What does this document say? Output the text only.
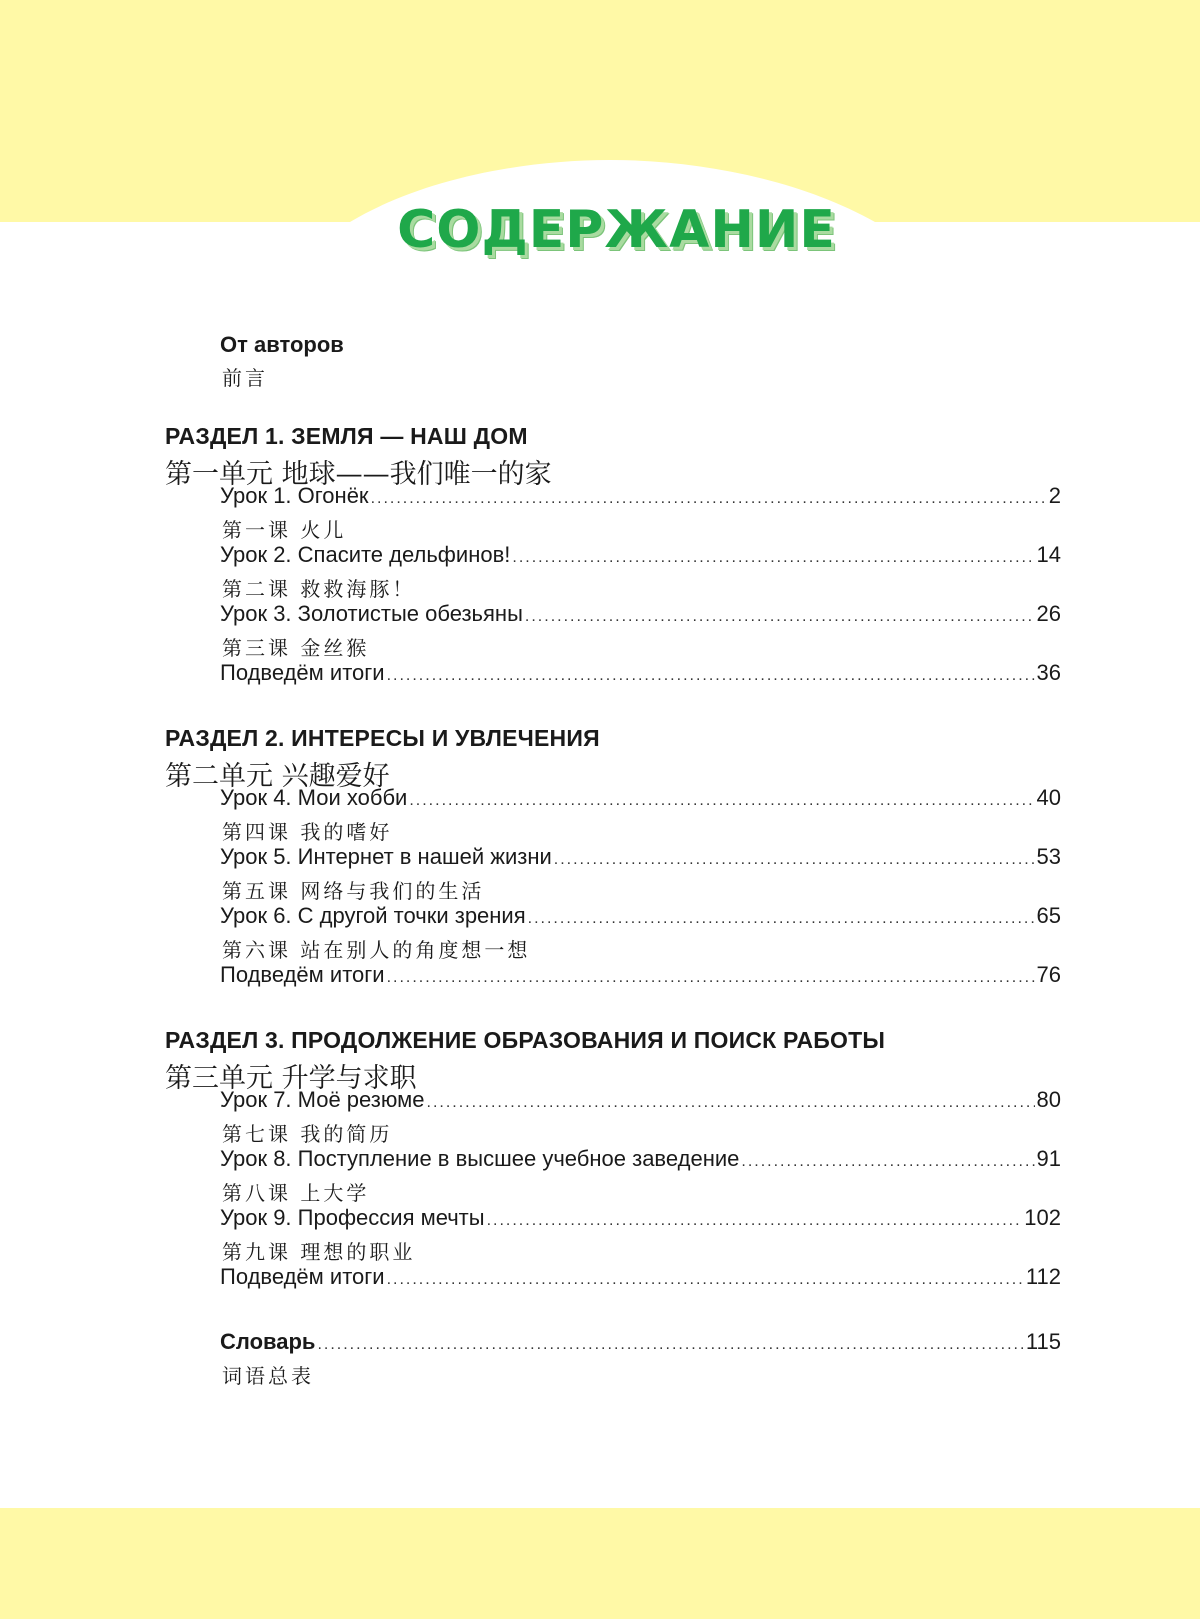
СОДЕРЖАНИЕ
От авторов
前言
РАЗДЕЛ 1. ЗЕМЛЯ — НАШ ДОМ
第一单元 地球——我们唯一的家
Урок 1. Огонёк .....	2
第一课 火儿
Урок 2. Спасите дельфинов! .....	14
第二课 救救海豚！
Урок 3. Золотистые обезьяны .....	26
第三课 金丝猴
Подведём итоги .....	36
РАЗДЕЛ 2. ИНТЕРЕСЫ И УВЛЕЧЕНИЯ
第二单元 兴趣爱好
Урок 4. Мои хобби .....	40
第四课 我的嗜好
Урок 5. Интернет в нашей жизни .....	53
第五课 网络与我们的生活
Урок 6. С другой точки зрения .....	65
第六课 站在别人的角度想一想
Подведём итоги .....	76
РАЗДЕЛ 3. ПРОДОЛЖЕНИЕ ОБРАЗОВАНИЯ И ПОИСК РАБОТЫ
第三单元 升学与求职
Урок 7. Моё резюме .....	80
第七课 我的简历
Урок 8. Поступление в высшее учебное заведение .....	91
第八课 上大学
Урок 9. Профессия мечты .....	102
第九课 理想的职业
Подведём итоги .....	112
Словарь .....	115
词语总表
